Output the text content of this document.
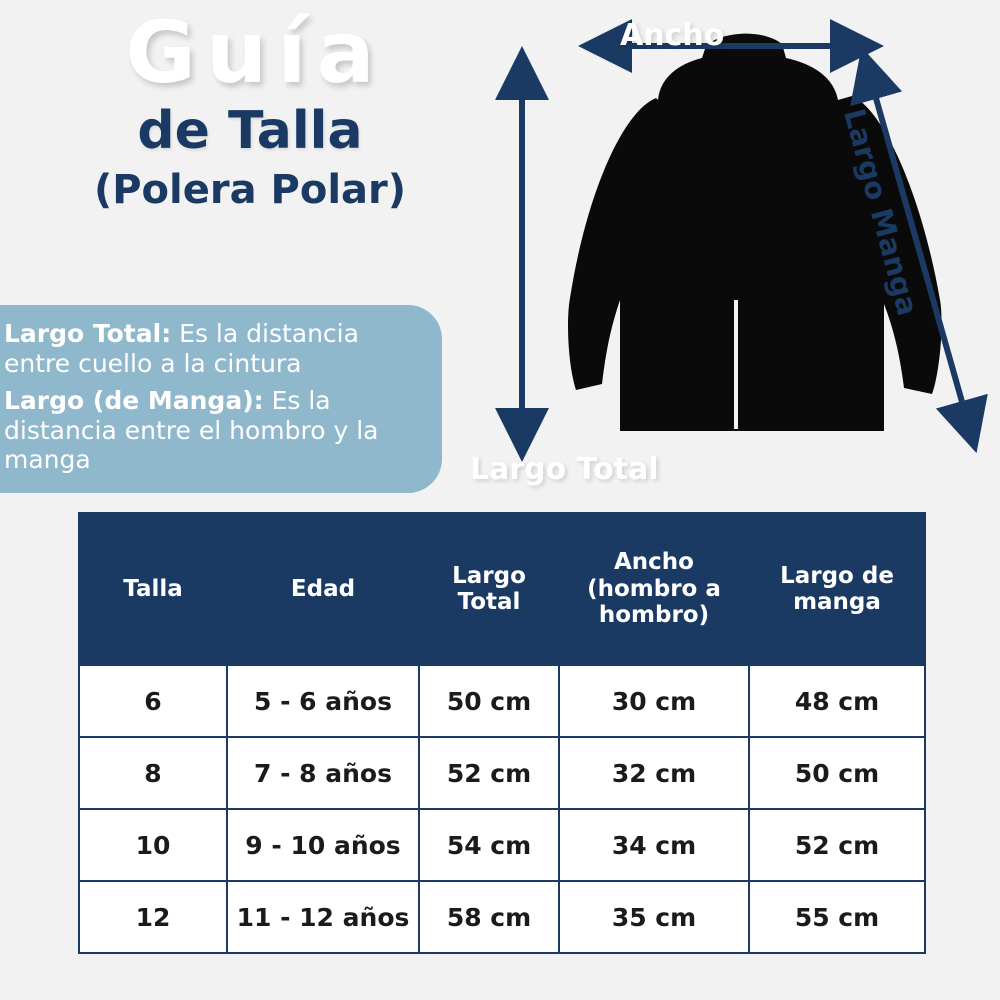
Guía
de Talla
(Polera Polar)
Largo Total: Es la distancia entre cuello a la cintura
Largo (de Manga): Es la distancia entre el hombro y la manga
Ancho
Largo Total
Largo Manga
Talla	Edad	Largo Total	Ancho (hombro a hombro)	Largo de manga
6	5 - 6 años	50 cm	30 cm	48 cm
8	7 - 8 años	52 cm	32 cm	50 cm
10	9 - 10 años	54 cm	34 cm	52 cm
12	11 - 12 años	58 cm	35 cm	55 cm
